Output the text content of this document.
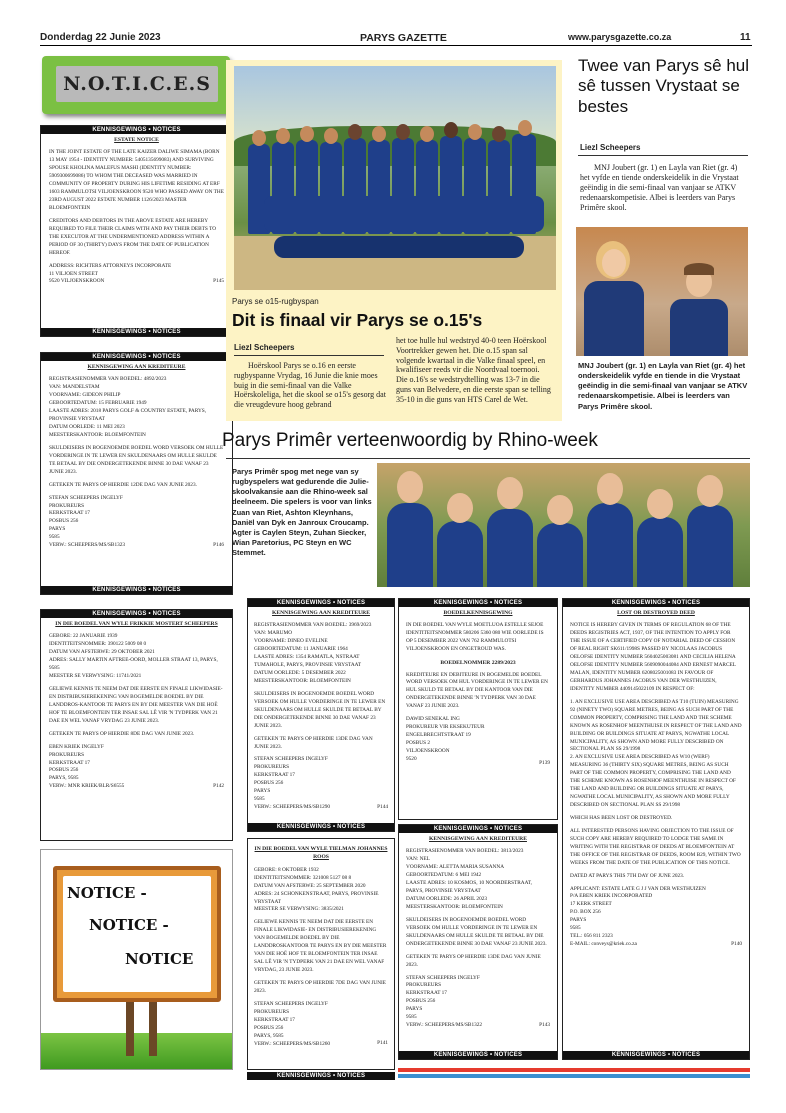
Donderdag 22 Junie 2023	PARYS GAZETTE	www.parysgazette.co.za	11
N.O.T.I.C.E.S
KENNISGEWINGS • NOTICES
ESTATE NOTICE

IN THE JOINT ESTATE OF THE LATE KAIZER DALIWE SIMAMA (BORN 13 MAY 1954 - IDENTITY NUMBER: 5405135699083) AND SURVIVING SPOUSE KHOLINA MALEFUS MASHI (IDENTITY NUMBER: 5909300699086) TO WHOM THE DECEASED WAS MARRIED IN COMMUNITY OF PROPERTY DURING HIS LIFETIME RESIDING AT ERF 1603 RAMMULOTSI VILJOENSKROON 9520 WHO PASSED AWAY ON THE 23RD AUGUST 2022 ESTATE NUMBER 1126/2023 MASTER BLOEMFONTEIN

CREDITORS AND DEBTORS IN THE ABOVE ESTATE ARE HEREBY REQUIRED TO FILE THEIR CLAIMS WITH AND PAY THEIR DEBTS TO THE EXECUTOR AT THE UNDERMENTIONED ADDRESS WITHIN A PERIOD OF 30 (THIRTY) DAYS FROM THE DATE OF PUBLICATION HEREOF.

ADDRESS: RICHTERS ATTORNEYS INCORPORATE
11 VILJOEN STREET
9520 VILJOENSKROON	P145
KENNISGEWINGS • NOTICES
KENNISGEWINGS • NOTICES
KENNISGEWING AAN KREDITEURE

REGISTRASIENOMMER VAN BOEDEL: 4892/2023
VAN: MANDELSTAM
VOORNAME: GIDEON PHILIP
GEBOORTEDATUM: 15 FEBRUARIE 1949
LAASTE ADRES: 2018 PARYS GOLF & COUNTRY ESTATE, PARYS, PROVINSIE VRYSTAAT
DATUM OORLEDE: 11 MEI 2023
MEESTERSKANTOOR: BLOEMFONTEIN

SKULDEISERS IN BOGENOEMDE BOEDEL WORD VERSOEK OM HULLE VORDERINGE IN TE LEWER EN SKULDENAARS OM HULLE SKULDE TE BETAAL BY DIE ONDERGETEKENDE BINNE 30 DAE VANAF 23 JUNIE 2023.

GETEKEN TE PARYS OP HIERDIE 12DE DAG VAN JUNIE 2023.

STEFAN SCHEEPERS INGELYF
PROKUREURS
KERKSTRAAT 17
POSBUS 256
PARYS
9585
VERW.: SCHEEPERS/MS/SB1323	P146
KENNISGEWINGS • NOTICES
KENNISGEWINGS • NOTICES
IN DIE BOEDEL VAN WYLE FRIKKIE MOSTERT SCHEEPERS

GEBORE: 22 JANUARIE 1939
IDENTITEITSNOMMER: 390122 5009 08 0
DATUM VAN AFSTERWE: 29 OKTOBER 2021
ADRES: SALLY MARTIN AFTREE-OORD, MOLLER STRAAT 13, PARYS, 9585
MEESTER SE VERWYSING: 11741/2021

GELIEWE KENNIS TE NEEM DAT DIE EERSTE EN FINALE LIKWIDASIE- EN DISTRIBUSIEREKENING VAN BOGEMELDE BOEDEL BY DIE LANDDROS-KANTOOR TE PARYS EN BY DIE MEESTER VAN DIE HOË HOF TE BLOEMFONTEIN TER INSAE SAL LÊ VIR 'N TYDPERK VAN 21 DAE EN WEL VANAF VRYDAG 23 JUNIE 2023.

GETEKEN TE PARYS OP HIERDIE 8DE DAG VAN JUNIE 2023.

EBEN KRIEK INGELYF
PROKUREURS
KERKSTRAAT 17
POSBUS 256
PARYS, 9585
VERW.: MNR KRIEK/BLR/S6555	P142
NOTICE -
NOTICE -
NOTICE
Parys se o15-rugbyspan
Dit is finaal vir Parys se o.15's
Liezl Scheepers
Hoërskool Parys se o.16 en eerste rugbyspanne Vrydag, 16 Junie die knie moes buig in die semi-finaal van die Valke Hoërskoleliga, het die skool se o15's gesorg dat die vreugdevure hoog gebrand
het toe hulle hul wedstryd 40-0 teen Hoërskool Voortrekker gewen het. Die o.15 span sal volgende kwartaal in die Valke finaal speel, en kwalifiseer reeds vir die Noordvaal toernooi. Die o.16's se wedstrydtelling was 13-7 in die guns van Belvedere, en die eerste span se telling 35-10 in die guns van HTS Carel de Wet.
Twee van Parys sê hul sê tussen Vrystaat se bestes
Liezl Scheepers
MNJ Joubert (gr. 1) en Layla van Riet (gr. 4) het vyfde en tiende onderskeidelik in die Vrystaat geëindig in die semi-finaal van vanjaar se ATKV redenaarskompetisie. Albei is leerders van Parys Primêre skool.
MNJ Joubert (gr. 1) en Layla van Riet (gr. 4) het onderskeidelik vyfde en tiende in die Vrystaat geëindig in die semi-finaal van vanjaar se ATKV redenaarskompetisie. Albei is leerders van Parys Primêre skool.
Parys Primêr verteenwoordig by Rhino-week
Parys Primêr spog met nege van sy rugbyspelers wat gedurende die Julie-skoolvakansie aan die Rhino-week sal deelneem. Die spelers is voor van links Zuan van Riet, Ashton Kleynhans, Daniël van Dyk en Janroux Croucamp. Agter is Caylen Steyn, Zuhan Siecker, Wian Paretorius, PC Steyn en WC Stemmet.
KENNISGEWINGS • NOTICES
KENNISGEWING AAN KREDITEURE

REGISTRASIENOMMER VAN BOEDEL: 3969/2023
VAN: MARUMO
VOORNAME: DINEO EVELINE
GEBOORTEDATUM: 11 JANUARIE 1964
LAASTE ADRES: 1354 RAMATLA, NSTRAAT TUMAHOLE, PARYS, PROVINSIE VRYSTAAT
DATUM OORLEDE: 5 DESEMBER 2022
MEESTERSKANTOOR: BLOEMFONTEIN

SKULDEISERS IN BOGENOEMDE BOEDEL WORD VERSOEK OM HULLE VORDERINGE IN TE LEWER EN SKULDENAARS OM HULLE SKULDE TE BETAAL BY DIE ONDERGETEKENDE BINNE 30 DAE VANAF 23 JUNIE 2023.

GETEKEN TE PARYS OP HIERDIE 13DE DAG VAN JUNIE 2023.

STEFAN SCHEEPERS INGELYF
PROKUREURS
KERKSTRAAT 17
POSBUS 256
PARYS
9585
VERW.: SCHEEPERS/MS/SB1290	P144
KENNISGEWINGS • NOTICES
IN DIE BOEDEL VAN WYLE TIELMAN JOHANNES ROOS

GEBORE: 8 OKTOBER 1932
IDENTITEITSNOMMER: 321008 5127 08 8
DATUM VAN AFSTERWE: 25 SEPTEMBER 2020
ADRES: 24 SCHONKENSTRAAT, PARYS, PROVINSIE VRYSTAAT
MEESTER SE VERWYSING: 3835/2021

GELIEWE KENNIS TE NEEM DAT DIE EERSTE EN FINALE LIKWIDASIE- EN DISTRIBUSIEREKENING VAN BOGEMELDE BOEDEL BY DIE LANDDROSKANTOOR TE PARYS EN BY DIE MEESTER VAN DIE HOË HOF TE BLOEMFONTEIN TER INSAE SAL LÊ VIR 'N TYDPERK VAN 21 DAE EN WEL VANAF VRYDAG, 23 JUNIE 2023.

GETEKEN TE PARYS OP HIERDIE 7DE DAG VAN JUNIE 2023.

STEFAN SCHEEPERS INGELYF
PROKUREURS
KERKSTRAAT 17
POSBUS 256
PARYS, 9585
VERW.: SCHEEPERS/MS/SB1260	P141
KENNISGEWINGS • NOTICES
KENNISGEWINGS • NOTICES
BOEDELKENNISGEWING

IN DIE BOEDEL VAN WYLE MOETLUOA ESTELLE SEJOE IDENTITEITSNOMMER 580206 5360 080 WIE OORLEDE IS OP 5 DESEMBER 2022 VAN 762 RAMMULOTSI VILJOENSKROON EN ONGETROUD WAS.

BOEDELNOMMER 2289/2023

KREDITEURE EN DEBITEURE IN BOGEMELDE BOEDEL WORD VERSOEK OM HUL VORDERINGE IN TE LEWER EN HUL SKULD TE BETAAL BY DIE KANTOOR VAN DIE ONDERGETEKENDE BINNE 'N TYDPERK VAN 30 DAE VANAF 23 JUNIE 2023.

DAWID SENEKAL ING
PROKUREUR VIR EKSEKUTEUR
ENGELBRECHTSTRAAT 19
POSBUS 2
VILJOENSKROON
9520

P139
KENNISGEWINGS • NOTICES
KENNISGEWING AAN KREDITEURE

REGISTRASIENOMMER VAN BOEDEL: 3813/2023
VAN: NEL
VOORNAME: ALETTA MARIA SUSANNA
GEBOORTEDATUM: 6 MEI 1942
LAASTE ADRES: 10 KOSMOS, 10 NOORDERSTRAAT, PARYS, PROVINSIE VRYSTAAT
DATUM OORLEDE: 26 APRIL 2023
MEESTERSKANTOOR: BLOEMFONTEIN

SKULDEISERS IN BOGENOEMDE BOEDEL WORD VERSOEK OM HULLE VORDERINGE IN TE LEWER EN SKULDENAARS OM HULLE SKULDE TE BETAAL BY DIE ONDERGETEKENDE BINNE 30 DAE VANAF 23 JUNIE 2023.

GETEKEN TE PARYS OP HIERDIE 13DE DAG VAN JUNIE 2023.

STEFAN SCHEEPERS INGELYF
PROKUREURS
KERKSTRAAT 17
POSBUS 256
PARYS
9585
VERW.: SCHEEPERS/MS/SB1322	P143
KENNISGEWINGS • NOTICES
KENNISGEWINGS • NOTICES
LOST OR DESTROYED DEED

NOTICE IS HEREBY GIVEN IN TERMS OF REGULATION 68 OF THE DEEDS REGISTRIES ACT, 1937, OF THE INTENTION TO APPLY FOR THE ISSUE OF A CERTIFIED COPY OF NOTARIAL DEED OF CESSION OF REAL RIGHT SK611/1998S PASSED BY NICOLAAS JACOBUS OELOFSE IDENTITY NUMBER 5604025003081 AND CECILIA HELENA OELOFSE IDENTITY NUMBER 5609090044084 AND ERNEST MARCEL MALAN, IDENTITY NUMBER 6208025001083 IN FAVOUR OF GERHARDUS JOHANNES JACOBUS VAN DER WESTHUIZEN, IDENTITY NUMBER 4409145022109 IN RESPECT OF:

1. AN EXCLUSIVE USE AREA DESCRIBED AS T10 (TUIN) MEASURING 92 (NINETY TWO) SQUARE METRES, BEING AS SUCH PART OF THE COMMON PROPERTY, COMPRISING THE LAND AND THE SCHEME KNOWN AS ROSENHOF MEENTHUISE IN RESPECT OF THE LAND AND BUILDING OR BUILDINGS SITUATE AT PARYS, NGWATHE LOCAL MUNICIPALITY, AS SHOWN AND MORE FULLY DESCRIBED ON SECTIONAL PLAN SS 29/1998
2. AN EXCLUSIVE USE AREA DESCRIBED AS W10 (WERF) MEASURING 36 (THIRTY SIX) SQUARE METRES, BEING AS SUCH PART OF THE COMMON PROPERTY, COMPRISING THE LAND AND THE SCHEME KNOWN AS ROSENHOF MEENTHUISE IN RESPECT OF THE LAND AND BUILDING OR BUILDINGS SITUATE AT PARYS, NGWATHE LOCAL MUNICIPALITY, AS SHOWN AND MORE FULLY DESCRIBED ON SECTIONAL PLAN SS 29/1998

WHICH HAS BEEN LOST OR DESTROYED.

ALL INTERESTED PERSONS HAVING OBJECTION TO THE ISSUE OF SUCH COPY ARE HEREBY REQUIRED TO LODGE THE SAME IN WRITING WITH THE REGISTRAR OF DEEDS AT BLOEMFONTEIN AT THE OFFICE OF THE REGISTRAR OF DEEDS, ROOM B29, WITHIN TWO WEEKS FROM THE DATE OF THE PUBLICATION OF THIS NOTICE.

DATED AT PARYS THIS 7TH DAY OF JUNE 2023.

APPLICANT: ESTATE LATE G J J VAN DER WESTHUIZEN
P/A EBEN KRIEK INCORPORATED
17 KERK STREET
P.O. BOX 256
PARYS
9585
TEL.: 056 811 2323
E-MAIL: conveys@kriek.co.za	P140
KENNISGEWINGS • NOTICES
